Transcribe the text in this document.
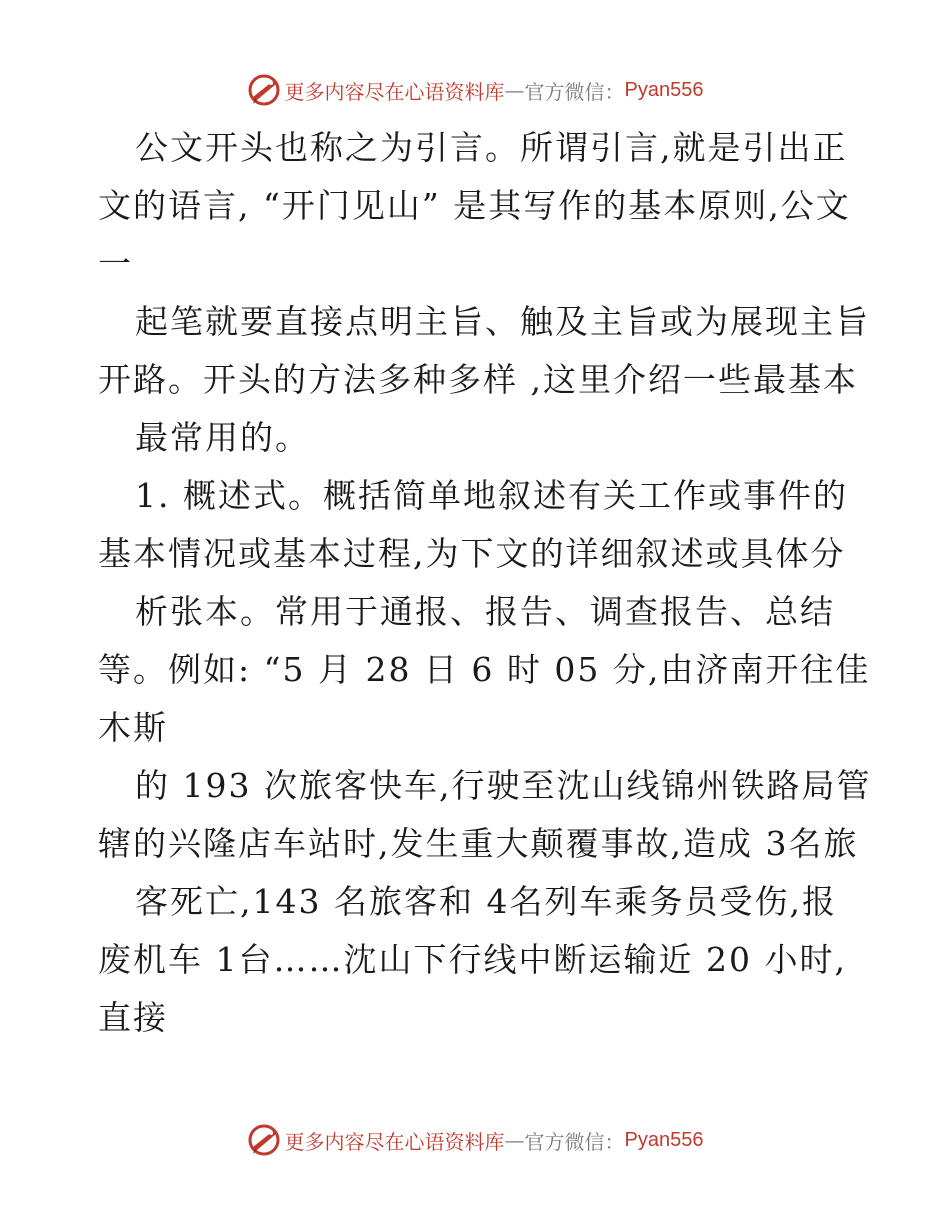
更多内容尽在心语资料库 — 官方微信： Pyan556
公文开头也称之为引言。所谓引言,就是引出正
文的语言, “开门见山” 是其写作的基本原则,公文
一
起笔就要直接点明主旨、触及主旨或为展现主旨
开路。开头的方法多种多样 ,这里介绍一些最基本
最常用的。
1. 概述式。概括简单地叙述有关工作或事件的
基本情况或基本过程,为下文的详细叙述或具体分
析张本。常用于通报、报告、调查报告、总结
等。例如: “5 月 28 日 6 时 05 分,由济南开往佳
木斯
的 193 次旅客快车,行驶至沈山线锦州铁路局管
辖的兴隆店车站时,发生重大颠覆事故,造成 3名旅
客死亡,143 名旅客和 4名列车乘务员受伤,报
废机车 1台……沈山下行线中断运输近 20 小时,
直接
更多内容尽在心语资料库 — 官方微信： Pyan556
